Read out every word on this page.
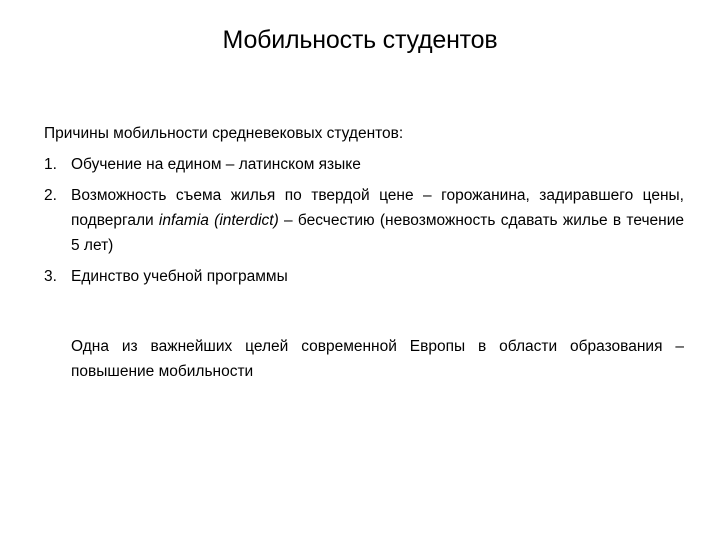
Мобильность студентов

Причины мобильности средневековых студентов:

1. Обучение на едином – латинском языке
2. Возможность съема жилья по твердой цене – горожанина, задиравшего цены, подвергали infamia (interdict) – бесчестию (невозможность сдавать жилье в течение 5 лет)
3. Единство учебной программы

Одна из важнейших целей современной Европы в области образования – повышение мобильности
